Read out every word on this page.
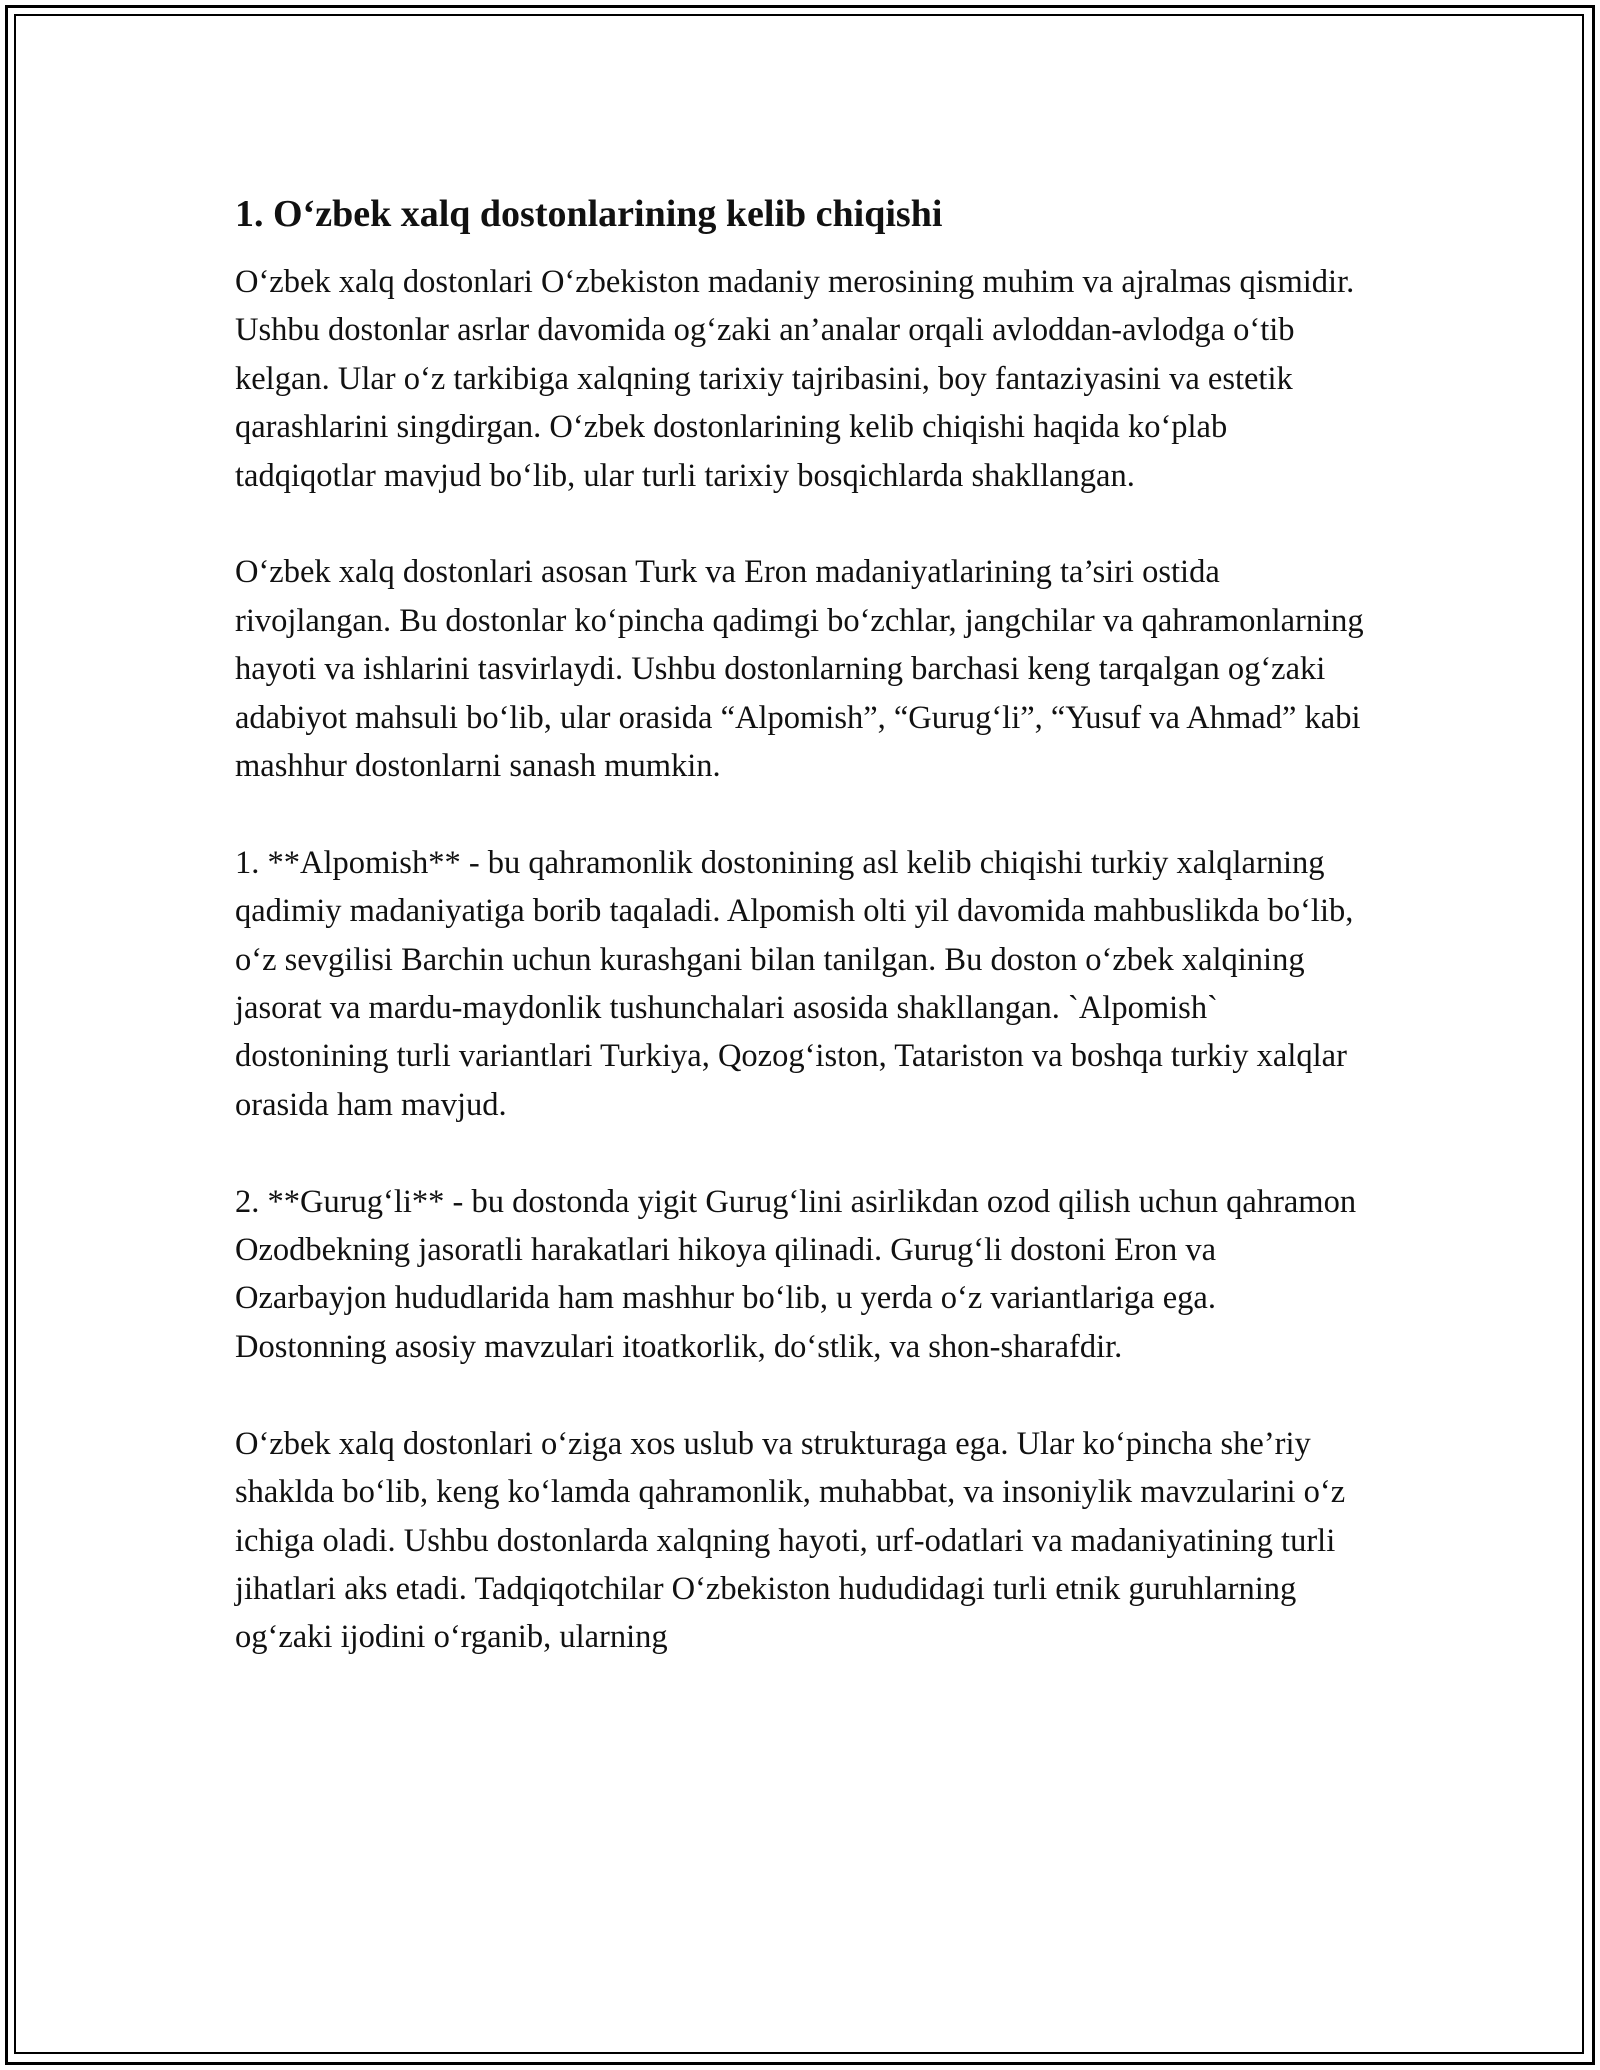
1. O‘zbek xalq dostonlarining kelib chiqishi

O‘zbek xalq dostonlari O‘zbekiston madaniy merosining muhim va ajralmas qismidir. Ushbu dostonlar asrlar davomida og‘zaki an’analar orqali avloddan-avlodga o‘tib kelgan. Ular o‘z tarkibiga xalqning tarixiy tajribasini, boy fantaziyasini va estetik qarashlarini singdirgan. O‘zbek dostonlarining kelib chiqishi haqida ko‘plab tadqiqotlar mavjud bo‘lib, ular turli tarixiy bosqichlarda shakllangan.

O‘zbek xalq dostonlari asosan Turk va Eron madaniyatlarining ta’siri ostida rivojlangan. Bu dostonlar ko‘pincha qadimgi bo‘zchlar, jangchilar va qahramonlarning hayoti va ishlarini tasvirlaydi. Ushbu dostonlarning barchasi keng tarqalgan og‘zaki adabiyot mahsuli bo‘lib, ular orasida “Alpomish”, “Gurug‘li”, “Yusuf va Ahmad” kabi mashhur dostonlarni sanash mumkin.

1. **Alpomish** - bu qahramonlik dostonining asl kelib chiqishi turkiy xalqlarning qadimiy madaniyatiga borib taqaladi. Alpomish olti yil davomida mahbuslikda bo‘lib, o‘z sevgilisi Barchin uchun kurashgani bilan tanilgan. Bu doston o‘zbek xalqining jasorat va mardu-maydonlik tushunchalari asosida shakllangan. `Alpomish` dostonining turli variantlari Turkiya, Qozog‘iston, Tatariston va boshqa turkiy xalqlar orasida ham mavjud.

2. **Gurug‘li** - bu dostonda yigit Gurug‘lini asirlikdan ozod qilish uchun qahramon Ozodbekning jasoratli harakatlari hikoya qilinadi. Gurug‘li dostoni Eron va Ozarbayjon hududlarida ham mashhur bo‘lib, u yerda o‘z variantlariga ega. Dostonning asosiy mavzulari itoatkorlik, do‘stlik, va shon-sharafdir.

O‘zbek xalq dostonlari o‘ziga xos uslub va strukturaga ega. Ular ko‘pincha she’riy shaklda bo‘lib, keng ko‘lamda qahramonlik, muhabbat, va insoniylik mavzularini o‘z ichiga oladi. Ushbu dostonlarda xalqning hayoti, urf-odatlari va madaniyatining turli jihatlari aks etadi. Tadqiqotchilar O‘zbekiston hududidagi turli etnik guruhlarning og‘zaki ijodini o‘rganib, ularning
